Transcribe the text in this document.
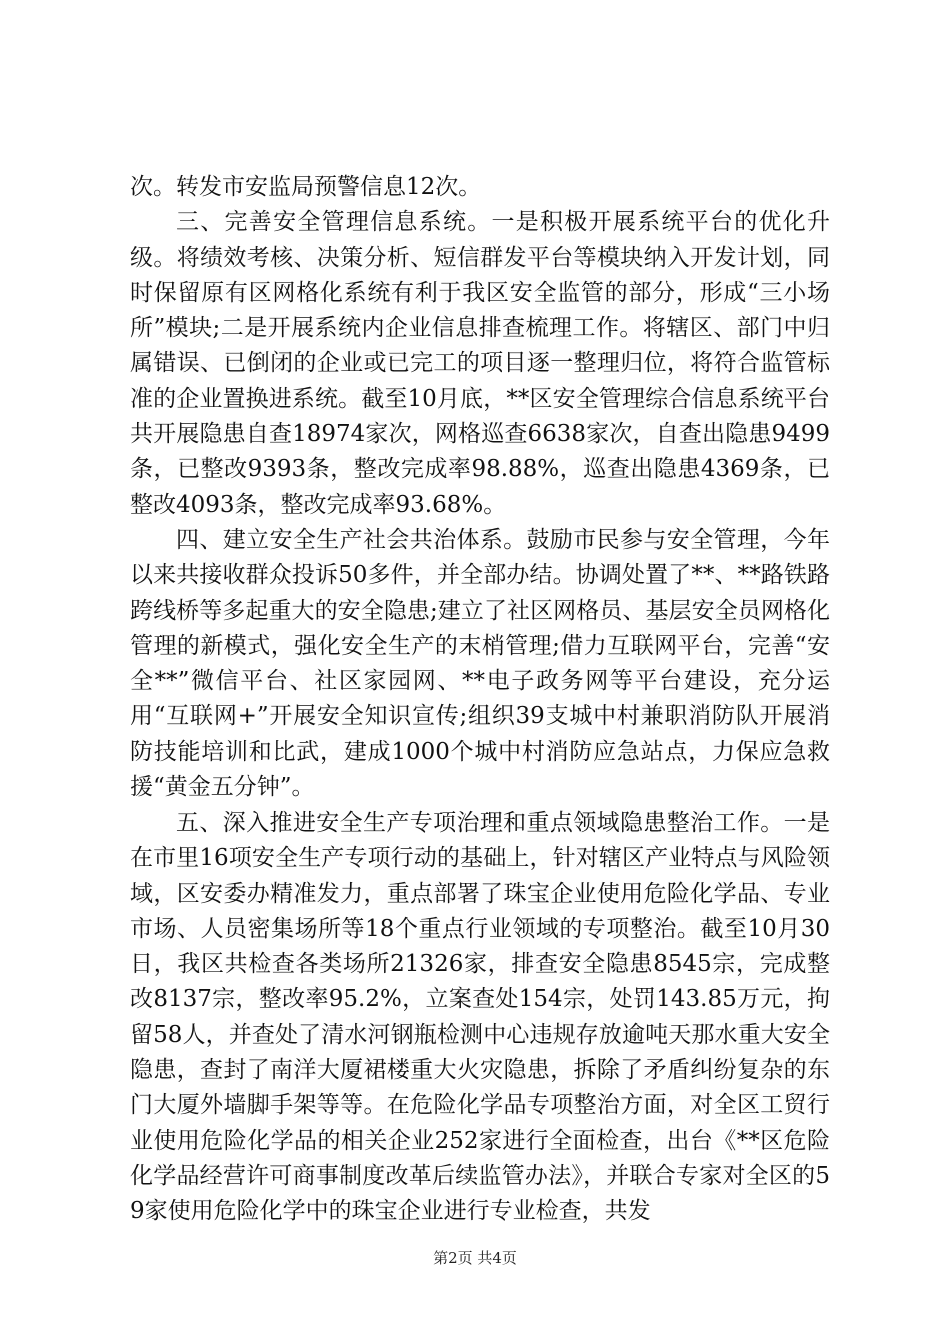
次。转发市安监局预警信息12次。

三、完善安全管理信息系统。一是积极开展系统平台的优化升级。将绩效考核、决策分析、短信群发平台等模块纳入开发计划，同时保留原有区网格化系统有利于我区安全监管的部分，形成“三小场所”模块;二是开展系统内企业信息排查梳理工作。将辖区、部门中归属错误、已倒闭的企业或已完工的项目逐一整理归位，将符合监管标准的企业置换进系统。截至10月底，**区安全管理综合信息系统平台共开展隐患自查18974家次，网格巡查6638家次，自查出隐患9499条，已整改9393条，整改完成率98.88%，巡查出隐患4369条，已整改4093条，整改完成率93.68%。

四、建立安全生产社会共治体系。鼓励市民参与安全管理，今年以来共接收群众投诉50多件，并全部办结。协调处置了**、**路铁路跨线桥等多起重大的安全隐患;建立了社区网格员、基层安全员网格化管理的新模式，强化安全生产的末梢管理;借力互联网平台，完善“安全**”微信平台、社区家园网、**电子政务网等平台建设，充分运用“互联网+”开展安全知识宣传;组织39支城中村兼职消防队开展消防技能培训和比武，建成1000个城中村消防应急站点，力保应急救援“黄金五分钟”。

五、深入推进安全生产专项治理和重点领域隐患整治工作。一是在市里16项安全生产专项行动的基础上，针对辖区产业特点与风险领域，区安委办精准发力，重点部署了珠宝企业使用危险化学品、专业市场、人员密集场所等18个重点行业领域的专项整治。截至10月30日，我区共检查各类场所21326家，排查安全隐患8545宗，完成整改8137宗，整改率95.2%，立案查处154宗，处罚143.85万元，拘留58人，并查处了清水河钢瓶检测中心违规存放逾吨天那水重大安全隐患，查封了南洋大厦裙楼重大火灾隐患，拆除了矛盾纠纷复杂的东门大厦外墙脚手架等等。在危险化学品专项整治方面，对全区工贸行业使用危险化学品的相关企业252家进行全面检查，出台《**区危险化学品经营许可商事制度改革后续监管办法》，并联合专家对全区的59家使用危险化学中的珠宝企业进行专业检查，共发

第2页 共4页
